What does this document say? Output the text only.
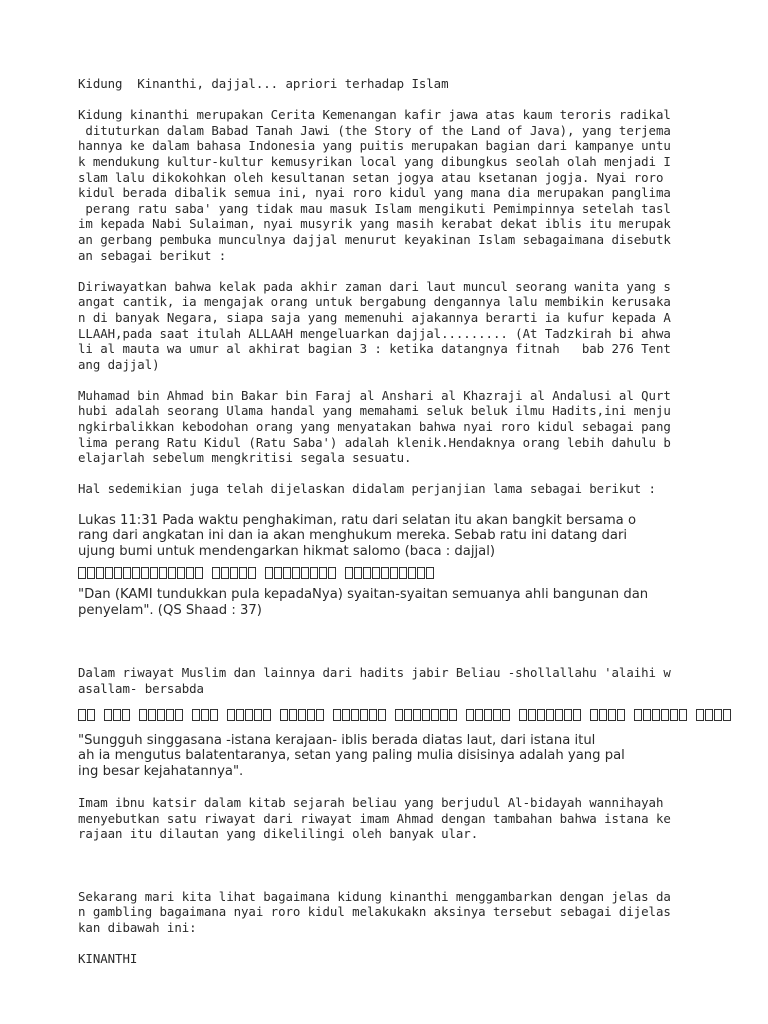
Kidung  Kinanthi, dajjal... apriori terhadap Islam
Kidung kinanthi merupakan Cerita Kemenangan kafir jawa atas kaum teroris radikal
dituturkan dalam Babad Tanah Jawi (the Story of the Land of Java), yang terjema
hannya ke dalam bahasa Indonesia yang puitis merupakan bagian dari kampanye untu
k mendukung kultur-kultur kemusyrikan local yang dibungkus seolah olah menjadi I
slam lalu dikokohkan oleh kesultanan setan jogya atau ksetanan jogja. Nyai roro
kidul berada dibalik semua ini, nyai roro kidul yang mana dia merupakan panglima
perang ratu saba' yang tidak mau masuk Islam mengikuti Pemimpinnya setelah tasl
im kepada Nabi Sulaiman, nyai musyrik yang masih kerabat dekat iblis itu merupak
an gerbang pembuka munculnya dajjal menurut keyakinan Islam sebagaimana disebutk
an sebagai berikut :
Diriwayatkan bahwa kelak pada akhir zaman dari laut muncul seorang wanita yang s
angat cantik, ia mengajak orang untuk bergabung dengannya lalu membikin kerusaka
n di banyak Negara, siapa saja yang memenuhi ajakannya berarti ia kufur kepada A
LLAAH,pada saat itulah ALLAAH mengeluarkan dajjal......... (At Tadzkirah bi ahwa
li al mauta wa umur al akhirat bagian 3 : ketika datangnya fitnah   bab 276 Tent
ang dajjal)
Muhamad bin Ahmad bin Bakar bin Faraj al Anshari al Khazraji al Andalusi al Qurt
hubi adalah seorang Ulama handal yang memahami seluk beluk ilmu Hadits,ini menju
ngkirbalikkan kebodohan orang yang menyatakan bahwa nyai roro kidul sebagai pang
lima perang Ratu Kidul (Ratu Saba') adalah klenik.Hendaknya orang lebih dahulu b
elajarlah sebelum mengkritisi segala sesuatu.
Hal sedemikian juga telah dijelaskan didalam perjanjian lama sebagai berikut :
Lukas 11:31 Pada waktu penghakiman, ratu dari selatan itu akan bangkit bersama o
rang dari angkatan ini dan ia akan menghukum mereka. Sebab ratu ini datang dari
ujung bumi untuk mendengarkan hikmat salomo (baca : dajjal)
"Dan (KAMI tundukkan pula kepadaNya) syaitan-syaitan semuanya ahli bangunan dan
penyelam". (QS Shaad : 37)
Dalam riwayat Muslim dan lainnya dari hadits jabir Beliau -shollallahu 'alaihi w
asallam- bersabda
"Sungguh singgasana -istana kerajaan- iblis berada diatas laut, dari istana itul
ah ia mengutus balatentaranya, setan yang paling mulia disisinya adalah yang pal
ing besar kejahatannya".
Imam ibnu katsir dalam kitab sejarah beliau yang berjudul Al-bidayah wannihayah
menyebutkan satu riwayat dari riwayat imam Ahmad dengan tambahan bahwa istana ke
rajaan itu dilautan yang dikelilingi oleh banyak ular.
Sekarang mari kita lihat bagaimana kidung kinanthi menggambarkan dengan jelas da
n gambling bagaimana nyai roro kidul melakukakn aksinya tersebut sebagai dijelas
kan dibawah ini:
KINANTHI
